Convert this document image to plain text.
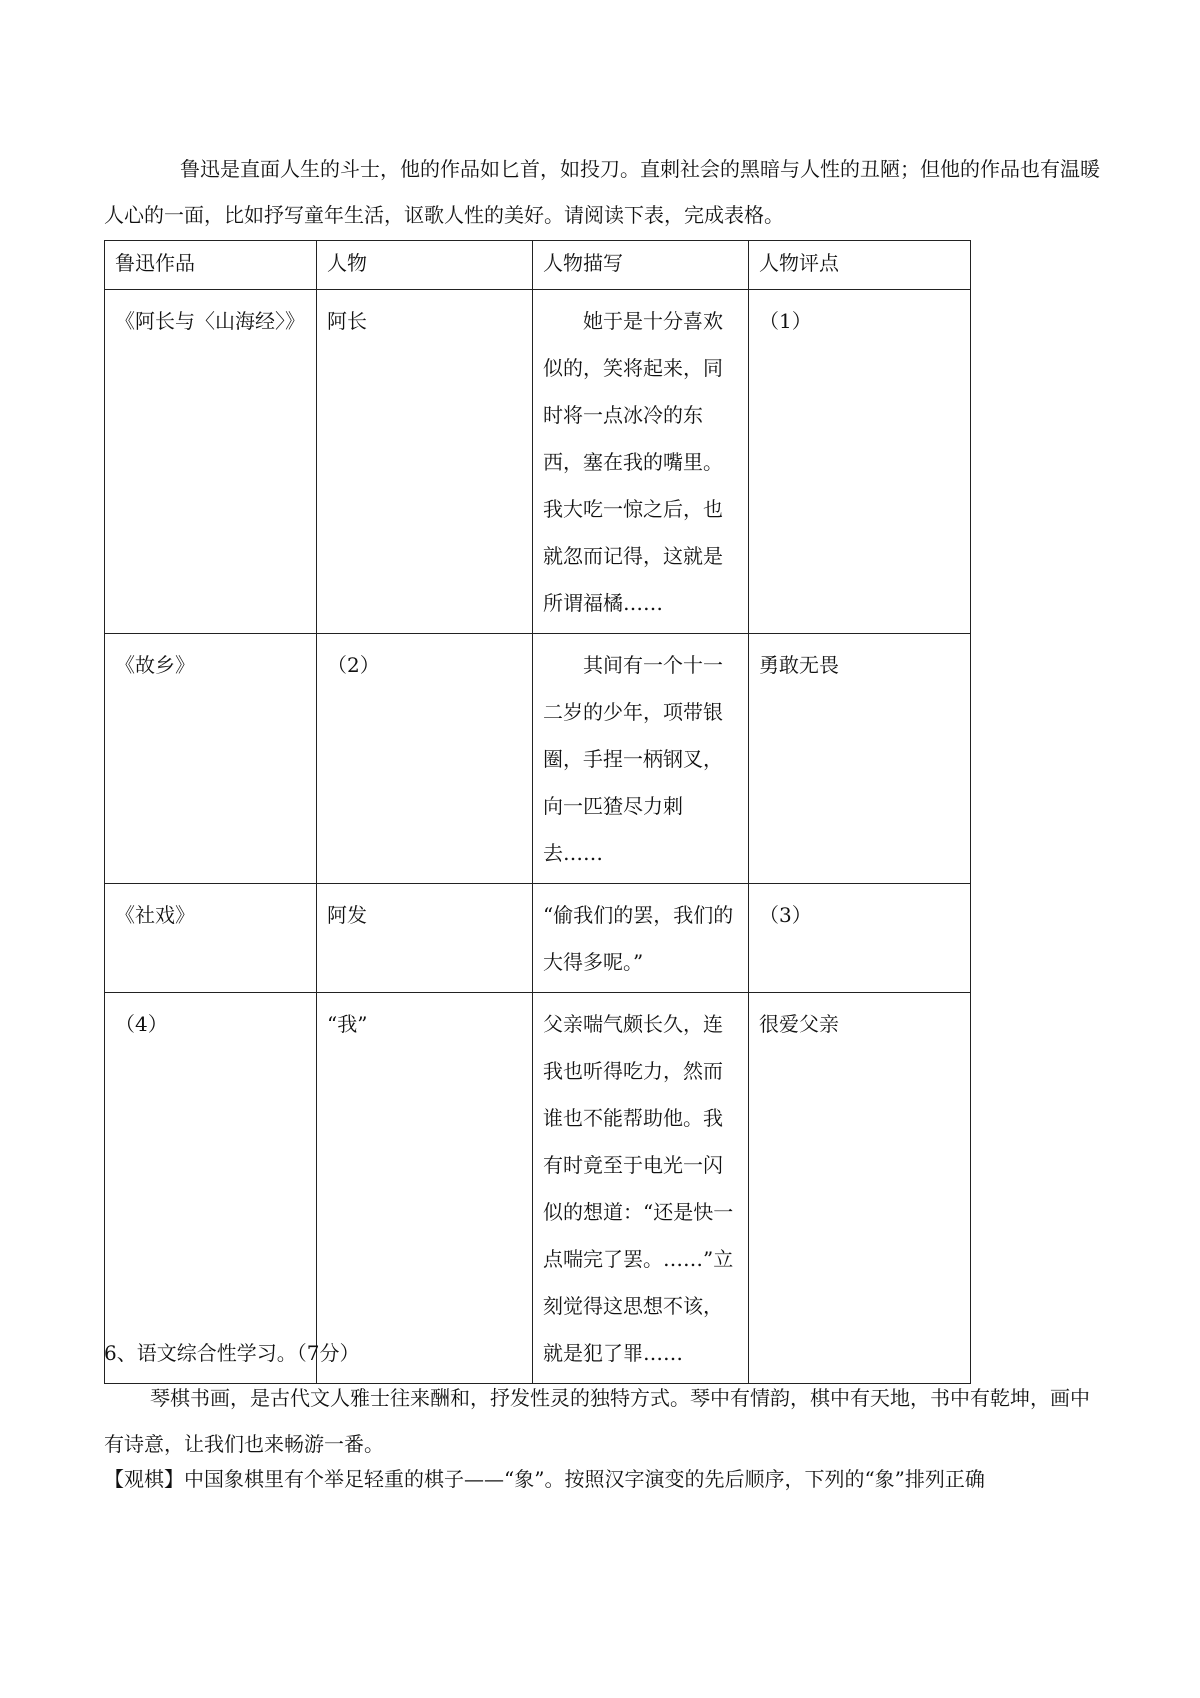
鲁迅是直面人生的斗士，他的作品如匕首，如投刀。直刺社会的黑暗与人性的丑陋；但他的作品也有温暖人心的一面，比如抒写童年生活，讴歌人性的美好。请阅读下表，完成表格。

鲁迅作品	人物	人物描写	人物评点
《阿长与〈山海经〉》	阿长	她于是十分喜欢似的，笑将起来，同时将一点冰冷的东西，塞在我的嘴里。我大吃一惊之后，也就忽而记得，这就是所谓福橘……	（1）
《故乡》	（2）	其间有一个十一二岁的少年，项带银圈，手捏一柄钢叉，向一匹猹尽力刺去……	勇敢无畏
《社戏》	阿发	“偷我们的罢，我们的大得多呢。”	（3）
（4）	“我”	父亲喘气颇长久，连我也听得吃力，然而谁也不能帮助他。我有时竟至于电光一闪似的想道：“还是快一点喘完了罢。……”立刻觉得这思想不该，就是犯了罪……	很爱父亲

6、语文综合性学习。（7分）

琴棋书画，是古代文人雅士往来酬和，抒发性灵的独特方式。琴中有情韵，棋中有天地，书中有乾坤，画中有诗意，让我们也来畅游一番。

【观棋】中国象棋里有个举足轻重的棋子——“象”。按照汉字演变的先后顺序，下列的“象”排列正确
